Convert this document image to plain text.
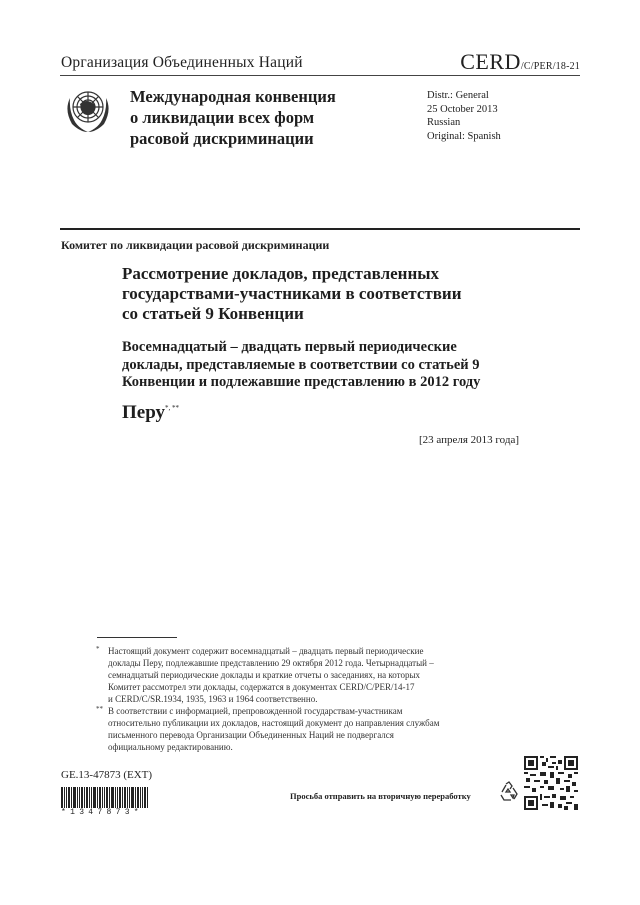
Организация Объединенных Наций	CERD/C/PER/18-21
Международная конвенция
о ликвидации всех форм
расовой дискриминации
Distr.: General
25 October 2013
Russian
Original: Spanish
Комитет по ликвидации расовой дискриминации
Рассмотрение докладов, представленных
государствами-участниками в соответствии
со статьей 9 Конвенции
Восемнадцатый – двадцать первый периодические
доклады, представляемые в соответствии со статьей 9
Конвенции и подлежавшие представлению в 2012 году
Перу*, **
[23 апреля 2013 года]
* Настоящий документ содержит восемнадцатый – двадцать первый периодические
доклады Перу, подлежавшие представлению 29 октября 2012 года. Четырнадцатый –
семнадцатый периодические доклады и краткие отчеты о заседаниях, на которых
Комитет рассмотрел эти доклады, содержатся в документах CERD/C/PER/14-17
и CERD/C/SR.1934, 1935, 1963 и 1964 соответственно.
** В соответствии с информацией, препровожденной государствам-участникам
относительно публикации их докладов, настоящий документ до направления службам
письменного перевода Организации Объединенных Наций не подвергался
официальному редактированию.
GE.13-47873 (EXT)
*1347873*
Просьба отправить на вторичную переработку
